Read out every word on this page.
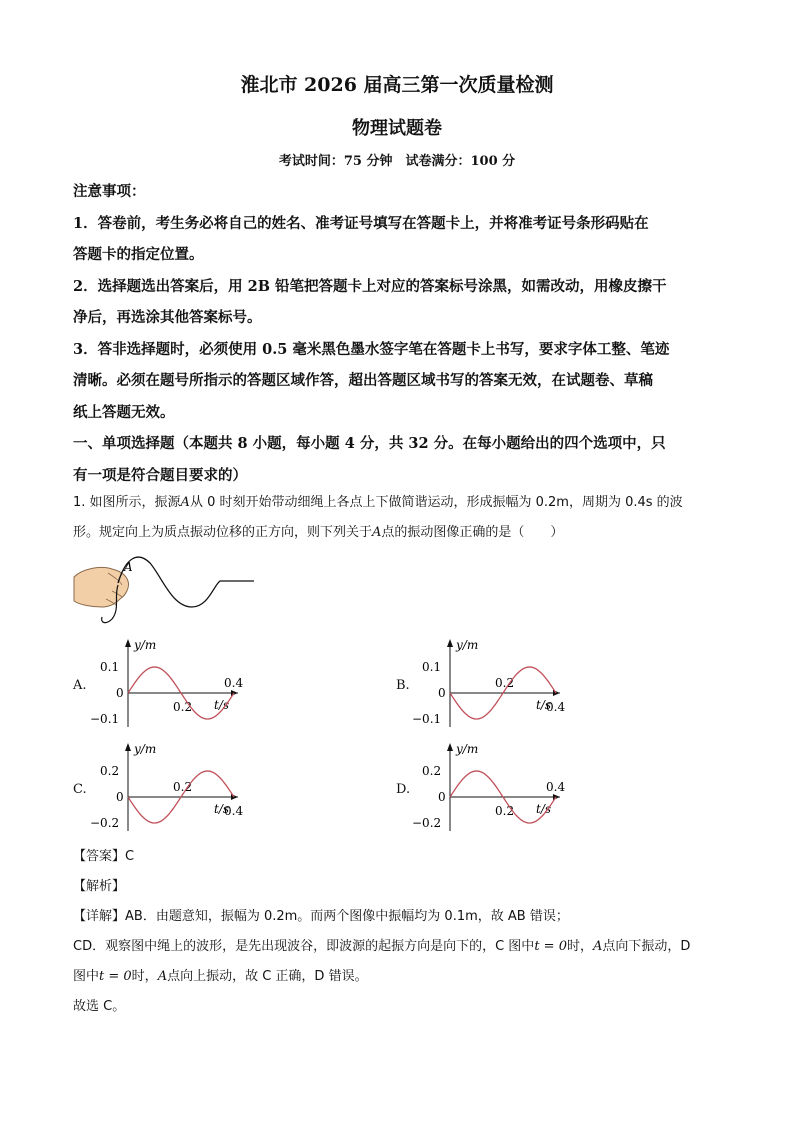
淮北市 2026 届高三第一次质量检测
物理试题卷
考试时间：75 分钟　试卷满分：100 分
注意事项：
1．答卷前，考生务必将自己的姓名、准考证号填写在答题卡上，并将准考证号条形码贴在
答题卡的指定位置。
2．选择题选出答案后，用 2B 铅笔把答题卡上对应的答案标号涂黑，如需改动，用橡皮擦干
净后，再选涂其他答案标号。
3．答非选择题时，必须使用 0.5 毫米黑色墨水签字笔在答题卡上书写，要求字体工整、笔迹
清晰。必须在题号所指示的答题区域作答，超出答题区域书写的答案无效，在试题卷、草稿
纸上答题无效。
一、单项选择题（本题共 8 小题，每小题 4 分，共 32 分。在每小题给出的四个选项中，只
有一项是符合题目要求的）
1. 如图所示，振源A从 0 时刻开始带动细绳上各点上下做简谐运动，形成振幅为 0.2m，周期为 0.4s 的波
形。规定向上为质点振动位移的正方向，则下列关于A点的振动图像正确的是（　　）
A
A.
y/m
t/s
0.1
0
−0.1
0.2
0.4	B.
y/m
t/s
0.1
0
−0.1
0.2
0.4
C.
y/m
t/s
0.2
0
−0.2
0.2
0.4
D.
y/m
t/s
0.2
0
−0.2
0.2
0.4
【答案】C
【解析】
【详解】AB．由题意知，振幅为 0.2m。而两个图像中振幅均为 0.1m，故 AB 错误；
CD．观察图中绳上的波形，是先出现波谷，即波源的起振方向是向下的，C 图中t = 0时，A点向下振动，D
图中t = 0时，A点向上振动，故 C 正确，D 错误。
故选 C。
